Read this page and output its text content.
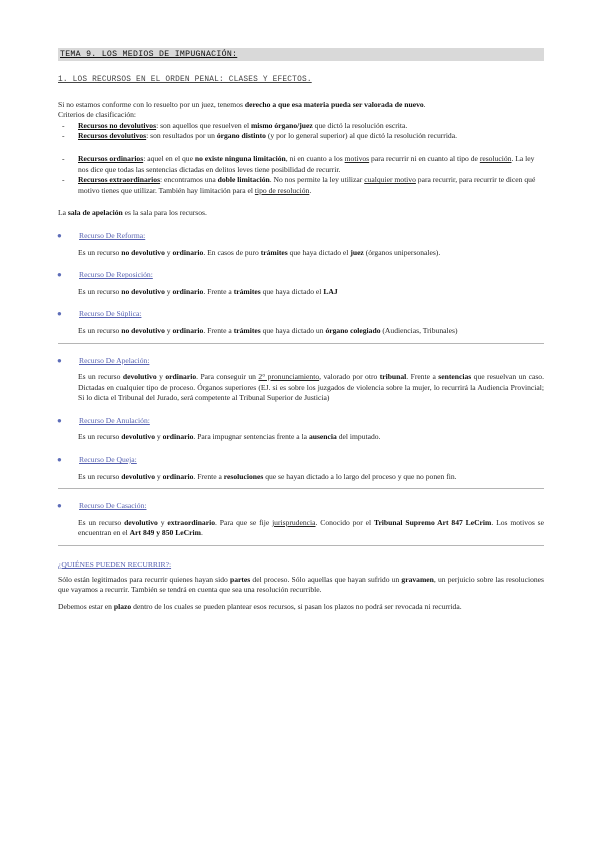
TEMA 9. LOS MEDIOS DE IMPUGNACIÓN:
1. LOS RECURSOS EN EL ORDEN PENAL: CLASES Y EFECTOS.

Si no estamos conforme con lo resuelto por un juez, tenemos derecho a que esa materia pueda ser valorada de nuevo.
Criterios de clasificación:

- Recursos no devolutivos: son aquellos que resuelven el mismo órgano/juez que dictó la resolución escrita.
- Recursos devolutivos: son resultados por un órgano distinto (y por lo general superior) al que dictó la resolución recurrida.
- Recursos ordinarios: aquel en el que no existe ninguna limitación, ni en cuanto a los motivos para recurrir ni en cuanto al tipo de resolución. La ley nos dice que todas las sentencias dictadas en delitos leves tiene posibilidad de recurrir.
- Recursos extraordinarios: encontramos una doble limitación. No nos permite la ley utilizar cualquier motivo para recurrir, para recurrir te dicen qué motivo tienes que utilizar. También hay limitación para el tipo de resolución.

La sala de apelación es la sala para los recursos.

● Recurso De Reforma:

Es un recurso no devolutivo y ordinario. En casos de puro trámites que haya dictado el juez (órganos unipersonales).

● Recurso De Reposición:

Es un recurso no devolutivo y ordinario. Frente a trámites que haya dictado el LAJ

● Recurso De Súplica:

Es un recurso no devolutivo y ordinario. Frente a trámites que haya dictado un órgano colegiado (Audiencias, Tribunales)

● Recurso De Apelación:

Es un recurso devolutivo y ordinario. Para conseguir un 2° pronunciamiento, valorado por otro tribunal. Frente a sentencias que resuelvan un caso. Dictadas en cualquier tipo de proceso. Órganos superiores (EJ. si es sobre los juzgados de violencia sobre la mujer, lo recurrirá la Audiencia Provincial; Si lo dicta el Tribunal del Jurado, será competente al Tribunal Superior de Justicia)

● Recurso De Anulación:

Es un recurso devolutivo y ordinario. Para impugnar sentencias frente a la ausencia del imputado.

● Recurso De Queja:

Es un recurso devolutivo y ordinario. Frente a resoluciones que se hayan dictado a lo largo del proceso y que no ponen fin.

● Recurso De Casación:

Es un recurso devolutivo y extraordinario. Para que se fije jurisprudencia. Conocido por el Tribunal Supremo Art 847 LeCrim. Los motivos se encuentran en el Art 849 y 850 LeCrim.

¿QUIÉNES PUEDEN RECURRIR?:

Sólo están legitimados para recurrir quienes hayan sido partes del proceso. Sólo aquellas que hayan sufrido un gravamen, un perjuicio sobre las resoluciones que vayamos a recurrir. También se tendrá en cuenta que sea una resolución recurrible.

Debemos estar en plazo dentro de los cuales se pueden plantear esos recursos, si pasan los plazos no podrá ser revocada ni recurrida.
